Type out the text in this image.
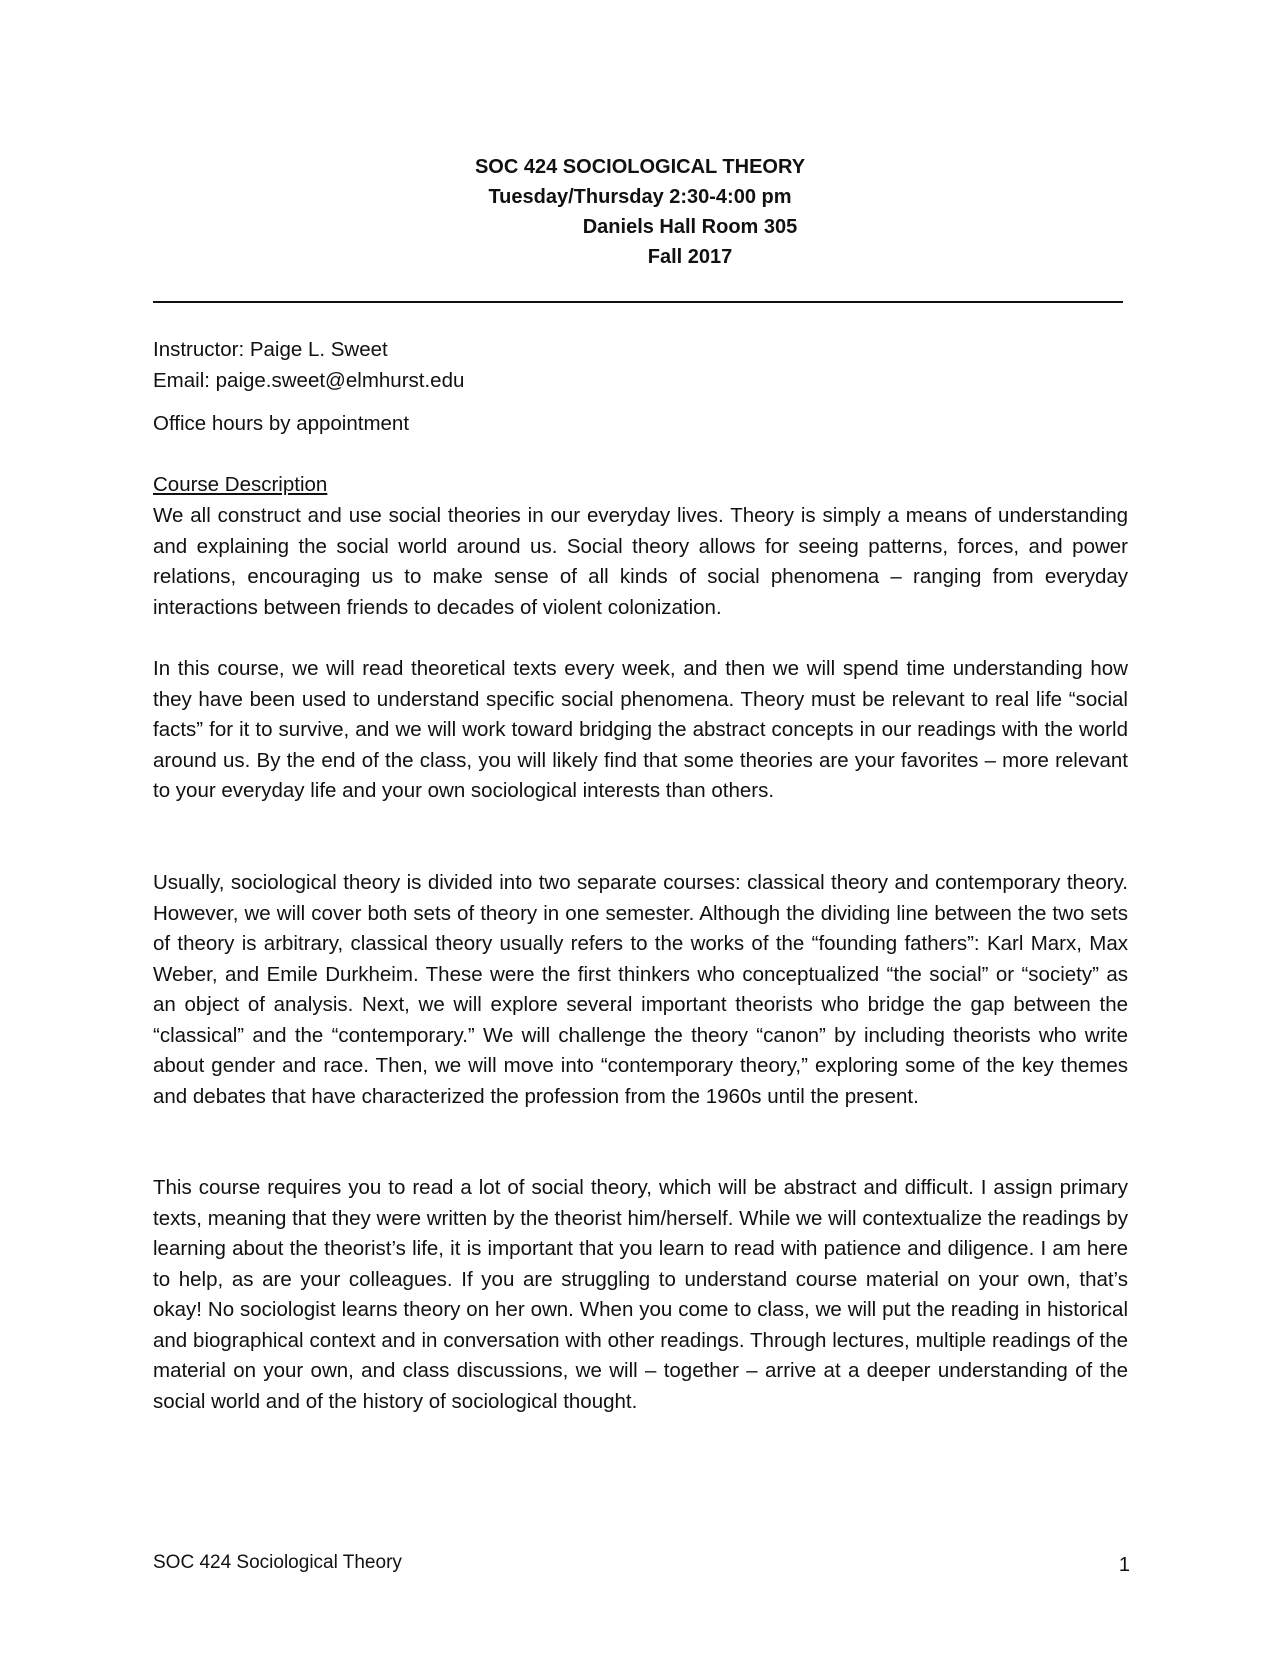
SOC 424 SOCIOLOGICAL THEORY
Tuesday/Thursday 2:30-4:00 pm
Daniels Hall Room 305
Fall 2017
Instructor: Paige L. Sweet
Email: paige.sweet@elmhurst.edu
Office hours by appointment
Course Description

We all construct and use social theories in our everyday lives. Theory is simply a means of understanding and explaining the social world around us. Social theory allows for seeing patterns, forces, and power relations, encouraging us to make sense of all kinds of social phenomena – ranging from everyday interactions between friends to decades of violent colonization.

In this course, we will read theoretical texts every week, and then we will spend time understanding how they have been used to understand specific social phenomena. Theory must be relevant to real life “social facts” for it to survive, and we will work toward bridging the abstract concepts in our readings with the world around us. By the end of the class, you will likely find that some theories are your favorites – more relevant to your everyday life and your own sociological interests than others.

Usually, sociological theory is divided into two separate courses: classical theory and contemporary theory. However, we will cover both sets of theory in one semester. Although the dividing line between the two sets of theory is arbitrary, classical theory usually refers to the works of the “founding fathers”: Karl Marx, Max Weber, and Emile Durkheim. These were the first thinkers who conceptualized “the social” or “society” as an object of analysis. Next, we will explore several important theorists who bridge the gap between the “classical” and the “contemporary.” We will challenge the theory “canon” by including theorists who write about gender and race. Then, we will move into “contemporary theory,” exploring some of the key themes and debates that have characterized the profession from the 1960s until the present.

This course requires you to read a lot of social theory, which will be abstract and difficult. I assign primary texts, meaning that they were written by the theorist him/herself. While we will contextualize the readings by learning about the theorist’s life, it is important that you learn to read with patience and diligence. I am here to help, as are your colleagues. If you are struggling to understand course material on your own, that’s okay! No sociologist learns theory on her own. When you come to class, we will put the reading in historical and biographical context and in conversation with other readings. Through lectures, multiple readings of the material on your own, and class discussions, we will – together – arrive at a deeper understanding of the social world and of the history of sociological thought.

SOC 424 Sociological Theory	1
